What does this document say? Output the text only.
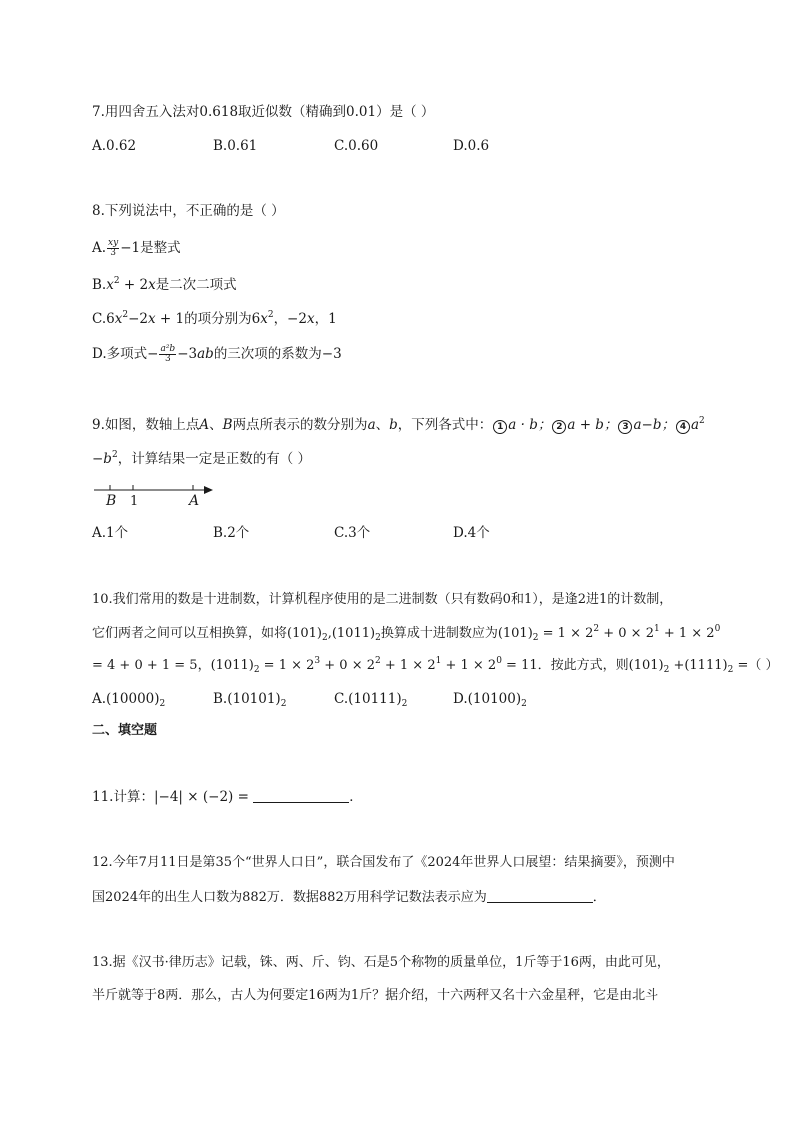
7.用四舍五入法对0.618取近似数（精确到0.01）是（ ）
A.0.62	B.0.61	C.0.60	D.0.6
8.下列说法中，不正确的是（ ）
A. $\frac{xy}{3} -1$是整式
$B.x^2 + 2x$是二次二项式
$C.6x^2-2x + 1$的项分别为$6x^2$，−2x，1
D.多项式− $\frac{\text{a²b}}{3} -3ab$的三次项的系数为−3
9.如图，数轴上点A、B两点所表示的数分别为a、b，下列各式中： 1 a · b； 2 a + b； 3 a−b； 4 $a^2$
$-b^2$，计算结果一定是正数的有（ ）
B 1	A
A.1个	B.2个	C.3个	D.4个
10.我们常用的数是十进制数，计算机程序使用的是二进制数（只有数码0和1），是逢2进1的计数制，
它们两者之间可以互相换算，如将$(101)_2,(1011)_2$换算成十进制数应为$(101)_2 = 1 \times 2^2 + 0 \times 2^1 + 1 \times 2^0$
= 4 + 0 + 1 = 5，$(1011)_2 = 1 \times 2^3 + 0 \times 2^2 + 1 \times 2^1 + 1 \times 2^0 = 11$．按此方式，则$(101)_2 +(1111)_2$ =（ ）
$A.(10000)_2$	$B.(10101)_2$	$C.(10111)_2$	$D.(10100)_2$
二、填空题
11.计算：|−4| × (−2) =	．
12.今年7月11日是第35个“世界人口日”，联合国发布了《2024年世界人口展望：结果摘要》，预测中
国2024年的出生人口数为882万．数据882万用科学记数法表示应为	．
13.据《汉书·律历志》记载，铢、两、斤、钧、石是5个称物的质量单位，1斤等于16两，由此可见，
半斤就等于8两．那么，古人为何要定16两为1斤？据介绍，十六两秤又名十六金星秤，它是由北斗
